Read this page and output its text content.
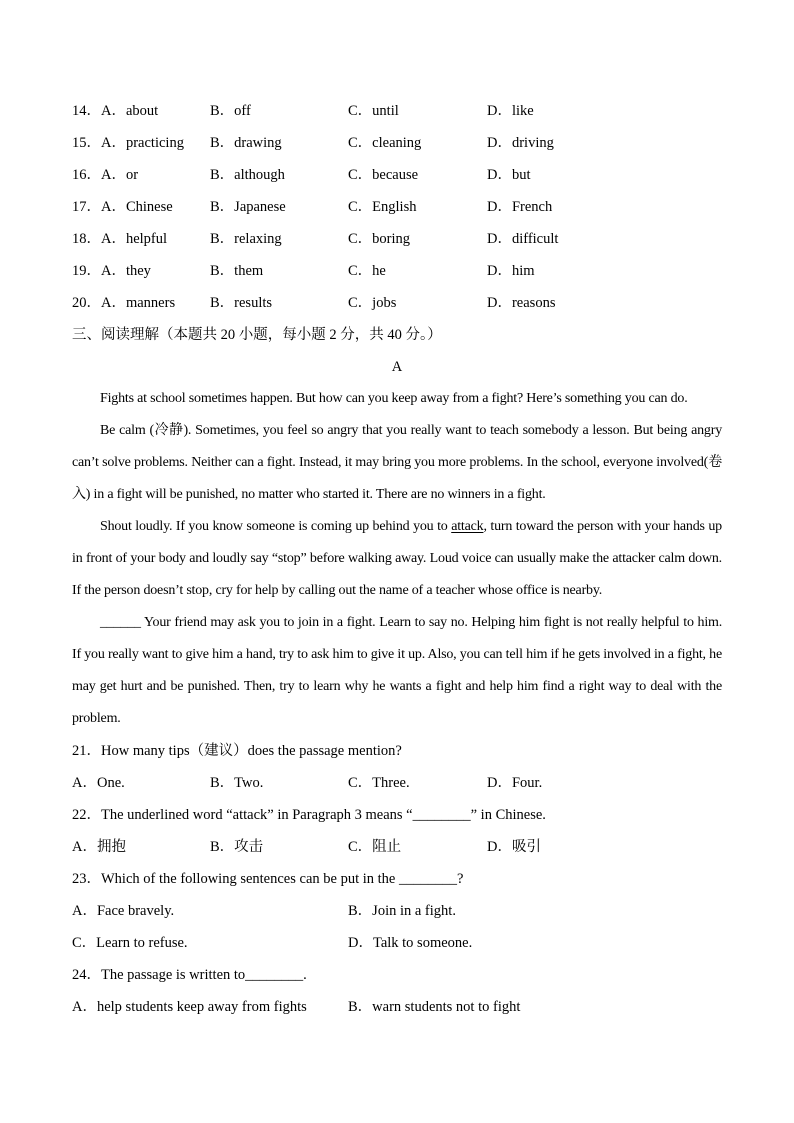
14．A．about	B．off	C．until	D．like
15．A．practicing	B．drawing	C．cleaning	D．driving
16．A．or	B．although	C．because	D．but
17．A．Chinese	B．Japanese	C．English	D．French
18．A．helpful	B．relaxing	C．boring	D．difficult
19．A．they	B．them	C．he	D．him
20．A．manners	B．results	C．jobs	D．reasons
三、阅读理解（本题共 20 小题，每小题 2 分，共 40 分。）
A

Fights at school sometimes happen. But how can you keep away from a fight? Here’s something you can do.

Be calm (冷静). Sometimes, you feel so angry that you really want to teach somebody a lesson. But being angry can’t solve problems. Neither can a fight. Instead, it may bring you more problems. In the school, everyone involved(卷入) in a fight will be punished, no matter who started it. There are no winners in a fight.

Shout loudly. If you know someone is coming up behind you to attack, turn toward the person with your hands up in front of your body and loudly say “stop” before walking away. Loud voice can usually make the attacker calm down. If the person doesn’t stop, cry for help by calling out the name of a teacher whose office is nearby.

______ Your friend may ask you to join in a fight. Learn to say no. Helping him fight is not really helpful to him. If you really want to give him a hand, try to ask him to give it up. Also, you can tell him if he gets involved in a fight, he may get hurt and be punished. Then, try to learn why he wants a fight and help him find a right way to deal with the problem.

21．How many tips（建议）does the passage mention?
A．One.	B．Two.	C．Three.	D．Four.
22．The underlined word “attack” in Paragraph 3 means “________” in Chinese.
A．拥抱	B．攻击	C．阻止	D．吸引
23．Which of the following sentences can be put in the ________?
A．Face bravely.	B．Join in a fight.
C．Learn to refuse.	D．Talk to someone.
24．The passage is written to________.
A．help students keep away from fights	B．warn students not to fight
